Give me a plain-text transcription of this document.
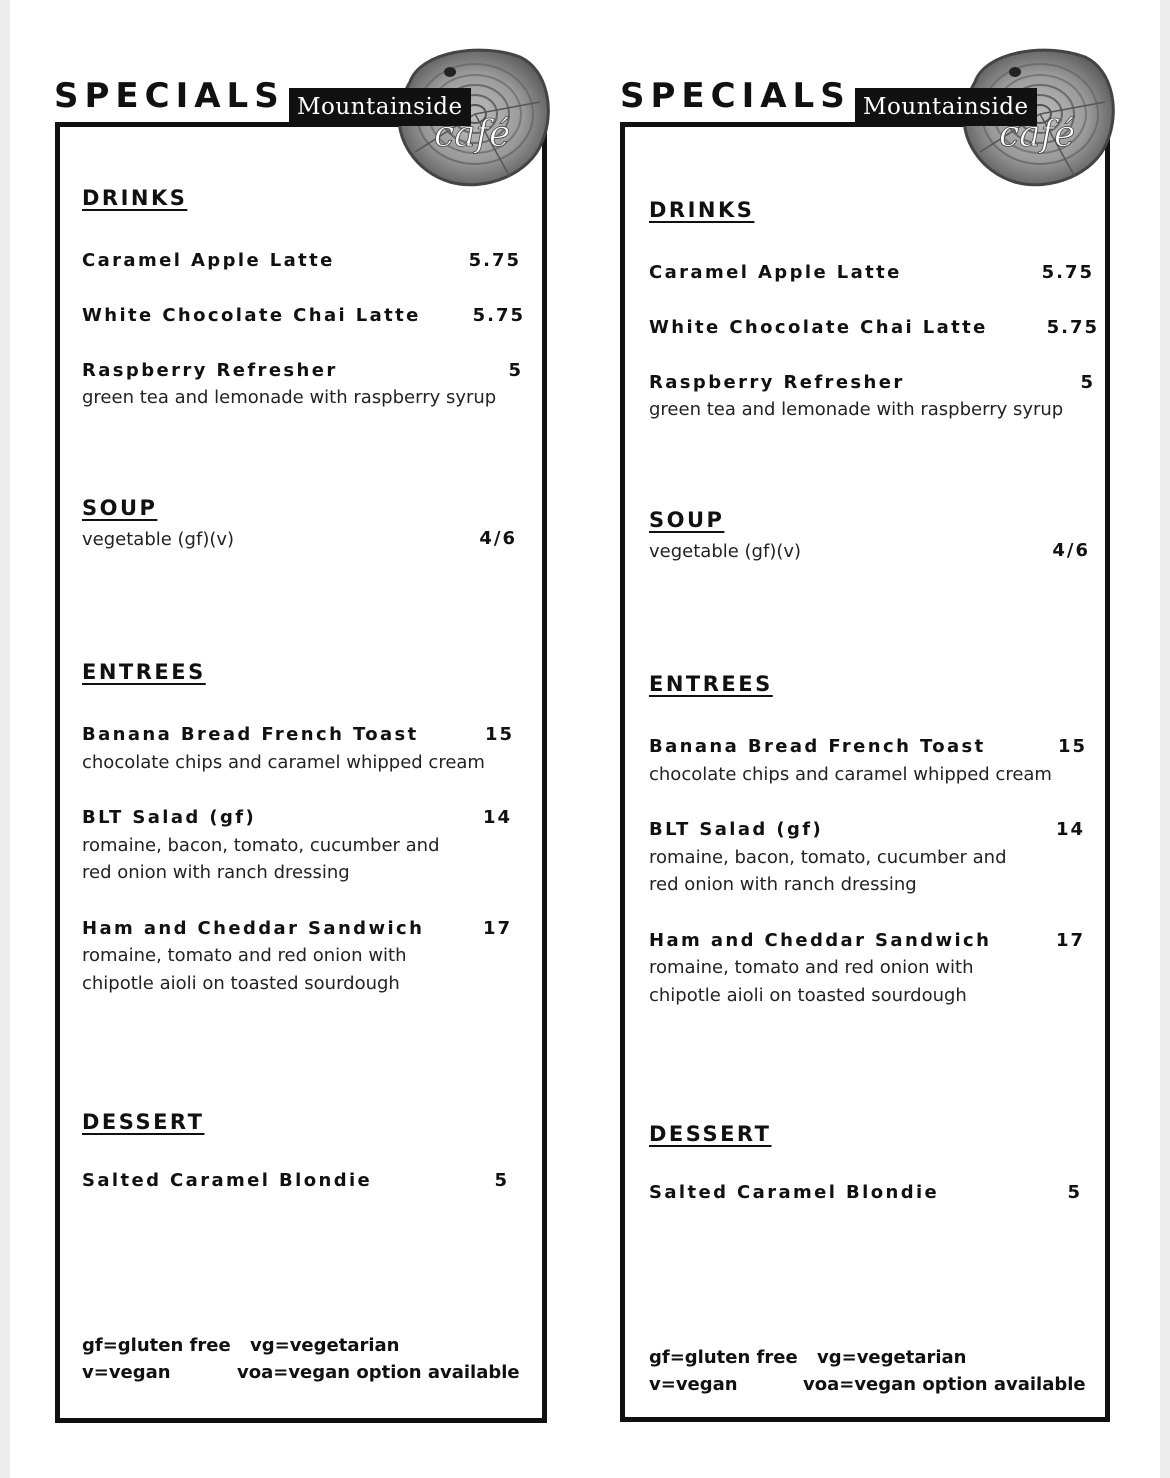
SPECIALS Mountainside
café
DRINKS
Caramel Apple Latte	5.75
White Chocolate Chai Latte	5.75
Raspberry Refresher	5
green tea and lemonade with raspberry syrup
SOUP
vegetable (gf)(v)	4/6
ENTREES
Banana Bread French Toast	15
chocolate chips and caramel whipped cream
BLT Salad (gf)	14
romaine, bacon, tomato, cucumber and
red onion with ranch dressing
Ham and Cheddar Sandwich	17
romaine, tomato and red onion with
chipotle aioli on toasted sourdough
DESSERT
Salted Caramel Blondie	5
gf=gluten free vg=vegetarian
v=vegan	voa=vegan option available
SPECIALS Mountainside
café
DRINKS
Caramel Apple Latte	5.75
White Chocolate Chai Latte	5.75
Raspberry Refresher	5
green tea and lemonade with raspberry syrup
SOUP
vegetable (gf)(v)	4/6
ENTREES
Banana Bread French Toast	15
chocolate chips and caramel whipped cream
BLT Salad (gf)	14
romaine, bacon, tomato, cucumber and
red onion with ranch dressing
Ham and Cheddar Sandwich	17
romaine, tomato and red onion with
chipotle aioli on toasted sourdough
DESSERT
Salted Caramel Blondie	5
gf=gluten free vg=vegetarian
v=vegan	voa=vegan option available
